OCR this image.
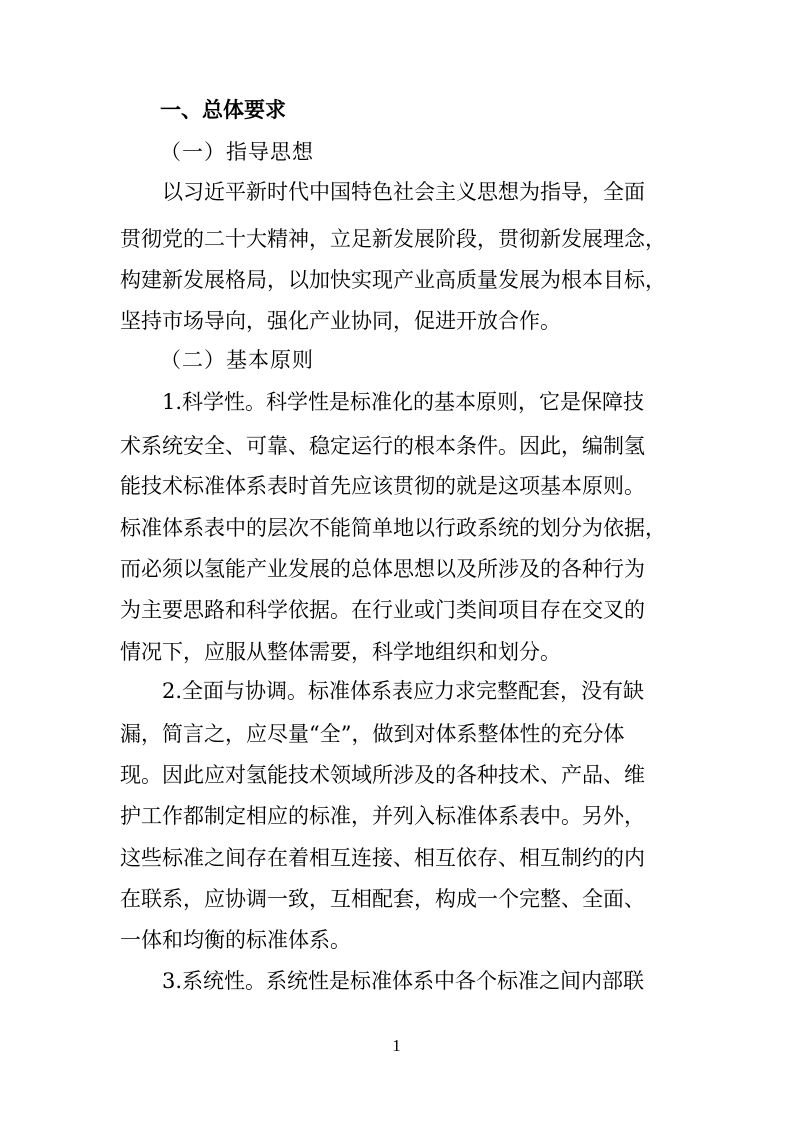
一、总体要求
（一）指导思想
以习近平新时代中国特色社会主义思想为指导，全面
贯彻党的二十大精神，立足新发展阶段，贯彻新发展理念，
构建新发展格局，以加快实现产业高质量发展为根本目标，
坚持市场导向，强化产业协同，促进开放合作。
（二）基本原则
1.科学性。科学性是标准化的基本原则，它是保障技
术系统安全、可靠、稳定运行的根本条件。因此，编制氢
能技术标准体系表时首先应该贯彻的就是这项基本原则。
标准体系表中的层次不能简单地以行政系统的划分为依据，
而必须以氢能产业发展的总体思想以及所涉及的各种行为
为主要思路和科学依据。在行业或门类间项目存在交叉的
情况下，应服从整体需要，科学地组织和划分。
2.全面与协调。标准体系表应力求完整配套，没有缺
漏，简言之，应尽量“全”，做到对体系整体性的充分体
现。因此应对氢能技术领域所涉及的各种技术、产品、维
护工作都制定相应的标准，并列入标准体系表中。另外，
这些标准之间存在着相互连接、相互依存、相互制约的内
在联系，应协调一致，互相配套，构成一个完整、全面、
一体和均衡的标准体系。
3.系统性。系统性是标准体系中各个标准之间内部联
1
